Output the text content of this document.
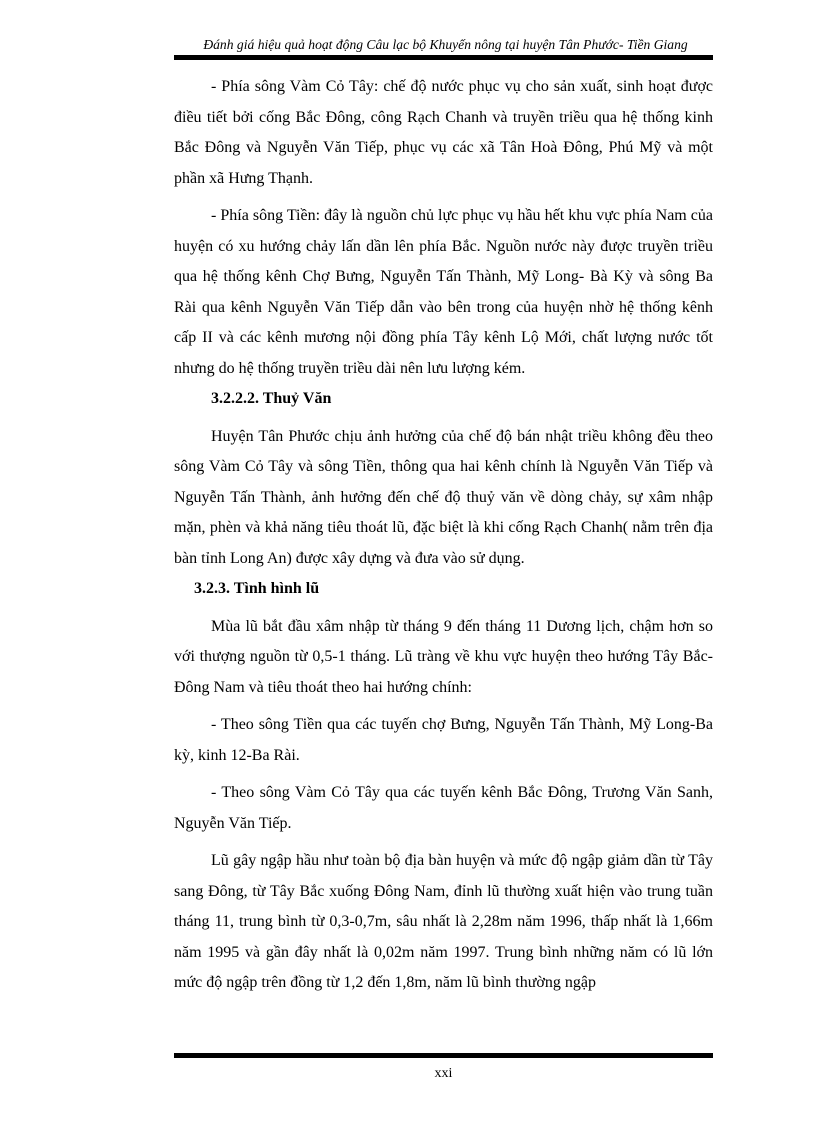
Đánh giá hiệu quả hoạt động Câu lạc bộ Khuyến nông tại huyện Tân Phước- Tiền Giang

- Phía sông Vàm Cỏ Tây: chế độ nước phục vụ cho sản xuất, sinh hoạt được điều tiết bởi cống Bắc Đông, công Rạch Chanh và truyền triều qua hệ thống kinh Bắc Đông và Nguyễn Văn Tiếp, phục vụ các xã Tân Hoà Đông, Phú Mỹ và một phần xã Hưng Thạnh.

- Phía sông Tiền: đây là nguồn chủ lực phục vụ hầu hết khu vực phía Nam của huyện có xu hướng chảy lấn dần lên phía Bắc. Nguồn nước này được truyền triều qua hệ thống kênh Chợ Bưng, Nguyễn Tấn Thành, Mỹ Long- Bà Kỳ và sông Ba Rài qua kênh Nguyễn Văn Tiếp dẫn vào bên trong của huyện nhờ hệ thống kênh cấp II và các kênh mương nội đồng phía Tây kênh Lộ Mới, chất lượng nước tốt nhưng do hệ thống truyền triều dài nên lưu lượng kém.

3.2.2.2. Thuỷ Văn

Huyện Tân Phước chịu ảnh hưởng của chế độ bán nhật triều không đều theo sông Vàm Cỏ Tây và sông Tiền, thông qua hai kênh chính là Nguyễn Văn Tiếp và Nguyễn Tấn Thành, ảnh hưởng đến chế độ thuỷ văn về dòng chảy, sự xâm nhập mặn, phèn và khả năng tiêu thoát lũ, đặc biệt là khi cống Rạch Chanh( nằm trên địa bàn tỉnh Long An) được xây dựng và đưa vào sử dụng.

3.2.3. Tình hình lũ

Mùa lũ bắt đầu xâm nhập từ tháng 9 đến tháng 11 Dương lịch, chậm hơn so với thượng nguồn từ 0,5-1 tháng. Lũ tràng về khu vực huyện theo hướng Tây Bắc-Đông Nam và tiêu thoát theo hai hướng chính:

- Theo sông Tiền qua các tuyến chợ Bưng, Nguyễn Tấn Thành, Mỹ Long-Ba kỳ, kinh 12-Ba Rài.

- Theo sông Vàm Cỏ Tây qua các tuyến kênh Bắc Đông, Trương Văn Sanh, Nguyễn Văn Tiếp.

Lũ gây ngập hầu như toàn bộ địa bàn huyện và mức độ ngập giảm dần từ Tây sang Đông, từ Tây Bắc xuống Đông Nam, đỉnh lũ thường xuất hiện vào trung tuần tháng 11, trung bình từ 0,3-0,7m, sâu nhất là 2,28m năm 1996, thấp nhất là 1,66m năm 1995 và gần đây nhất là 0,02m năm 1997. Trung bình những năm có lũ lớn mức độ ngập trên đồng từ 1,2 đến 1,8m, năm lũ bình thường ngập

xxi
